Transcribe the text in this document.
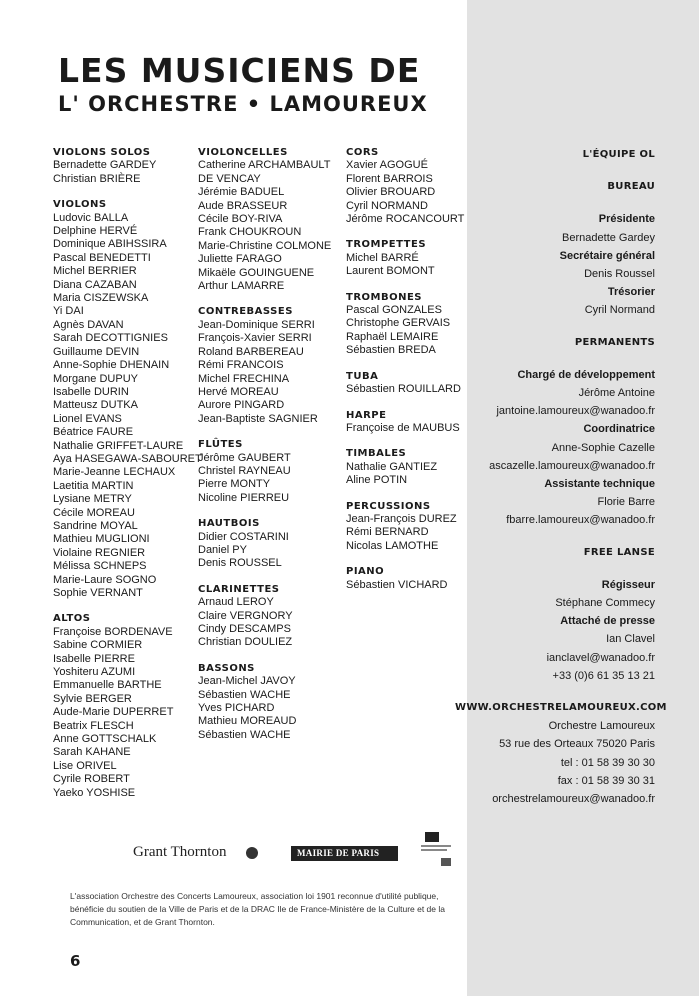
LES MUSICIENS DE
L' ORCHESTRE • LAMOUREUX
VIOLONS SOLOS
Bernadette GARDEY
Christian BRIÈRE
VIOLONS
Ludovic BALLA
Delphine HERVÉ
Dominique ABIHSSIRA
Pascal BENEDETTI
Michel BERRIER
Diana CAZABAN
Maria CISZEWSKA
Yi DAI
Agnès DAVAN
Sarah DECOTTIGNIES
Guillaume DEVIN
Anne-Sophie DHENAIN
Morgane DUPUY
Isabelle DURIN
Matteusz DUTKA
Lionel EVANS
Béatrice FAURE
Nathalie GRIFFET-LAURE
Aya HASEGAWA-SABOURET
Marie-Jeanne LECHAUX
Laetitia MARTIN
Lysiane METRY
Cécile MOREAU
Sandrine MOYAL
Mathieu MUGLIONI
Violaine REGNIER
Mélissa SCHNEPS
Marie-Laure SOGNO
Sophie VERNANT
ALTOS
Françoise BORDENAVE
Sabine CORMIER
Isabelle PIERRE
Yoshiteru AZUMI
Emmanuelle BARTHE
Sylvie BERGER
Aude-Marie DUPERRET
Beatrix FLESCH
Anne GOTTSCHALK
Sarah KAHANE
Lise ORIVEL
Cyrile ROBERT
Yaeko YOSHISE
VIOLONCELLES
Catherine ARCHAMBAULT
DE VENCAY
Jérémie BADUEL
Aude BRASSEUR
Cécile BOY-RIVA
Frank CHOUKROUN
Marie-Christine COLMONE
Juliette FARAGO
Mikaële GOUINGUENE
Arthur LAMARRE
CONTREBASSES
Jean-Dominique SERRI
François-Xavier SERRI
Roland BARBEREAU
Rémi FRANCOIS
Michel FRECHINA
Hervé MOREAU
Aurore PINGARD
Jean-Baptiste SAGNIER
FLÛTES
Jérôme GAUBERT
Christel RAYNEAU
Pierre MONTY
Nicoline PIERREU
HAUTBOIS
Didier COSTARINI
Daniel PY
Denis ROUSSEL
CLARINETTES
Arnaud LEROY
Claire VERGNORY
Cindy DESCAMPS
Christian DOULIEZ
BASSONS
Jean-Michel JAVOY
Sébastien WACHE
Yves PICHARD
Mathieu MOREAUD
Sébastien WACHE
CORS
Xavier AGOGUÉ
Florent BARROIS
Olivier BROUARD
Cyril NORMAND
Jérôme ROCANCOURT
TROMPETTES
Michel BARRÉ
Laurent BOMONT
TROMBONES
Pascal GONZALES
Christophe GERVAIS
Raphaël LEMAIRE
Sébastien BREDA
TUBA
Sébastien ROUILLARD
HARPE
Françoise de MAUBUS
TIMBALES
Nathalie GANTIEZ
Aline POTIN
PERCUSSIONS
Jean-François DUREZ
Rémi BERNARD
Nicolas LAMOTHE
PIANO
Sébastien VICHARD
L'ÉQUIPE OL
BUREAU
Présidente
Bernadette Gardey
Secrétaire général
Denis Roussel
Trésorier
Cyril Normand
PERMANENTS
Chargé de développement
Jérôme Antoine
jantoine.lamoureux@wanadoo.fr
Coordinatrice
Anne-Sophie Cazelle
ascazelle.lamoureux@wanadoo.fr
Assistante technique
Florie Barre
fbarre.lamoureux@wanadoo.fr
FREE LANSE
Régisseur
Stéphane Commecy
Attaché de presse
Ian Clavel
ianclavel@wanadoo.fr
+33 (0)6 61 35 13 21
WWW.ORCHESTRELAMOUREUX.COM
Orchestre Lamoureux
53 rue des Orteaux 75020 Paris
tel : 01 58 39 30 30
fax : 01 58 39 30 31
orchestrelamoureux@wanadoo.fr
Grant Thornton	MAIRIE DE PARIS
L'association Orchestre des Concerts Lamoureux, association loi 1901 reconnue d'utilité publique, bénéficie du soutien de la Ville de Paris et de la DRAC Ile de France-Ministère de la Culture et de la Communication, et de Grant Thornton.
6
